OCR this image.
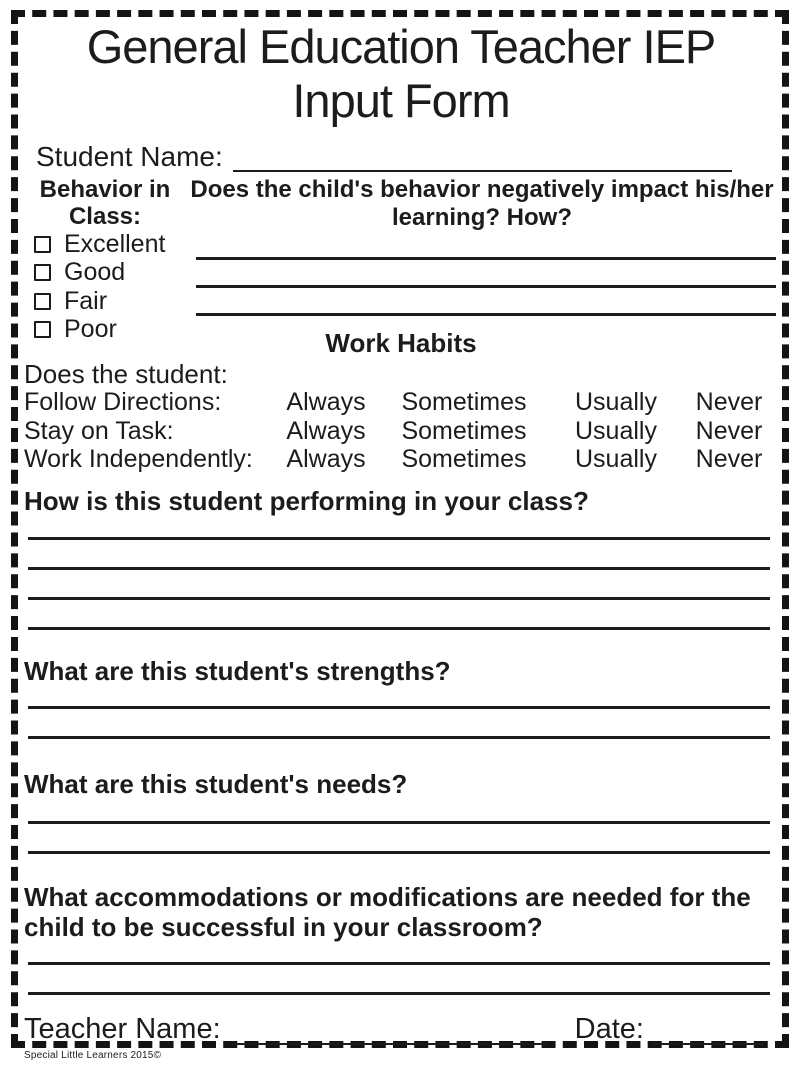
General Education Teacher IEP
Input Form
Student Name:
Behavior in Class:
Excellent
Good
Fair
Poor
Does the child's behavior negatively impact his/her learning? How?
Work Habits
Does the student:
Follow Directions:	Always	Sometimes	Usually	Never
Stay on Task:	Always	Sometimes	Usually	Never
Work Independently:	Always	Sometimes	Usually	Never
How is this student performing in your class?
What are this student's strengths?
What are this student's needs?
What accommodations or modifications are needed for the child to be successful in your classroom?
Teacher Name:	Date:
Special Little Learners 2015©
